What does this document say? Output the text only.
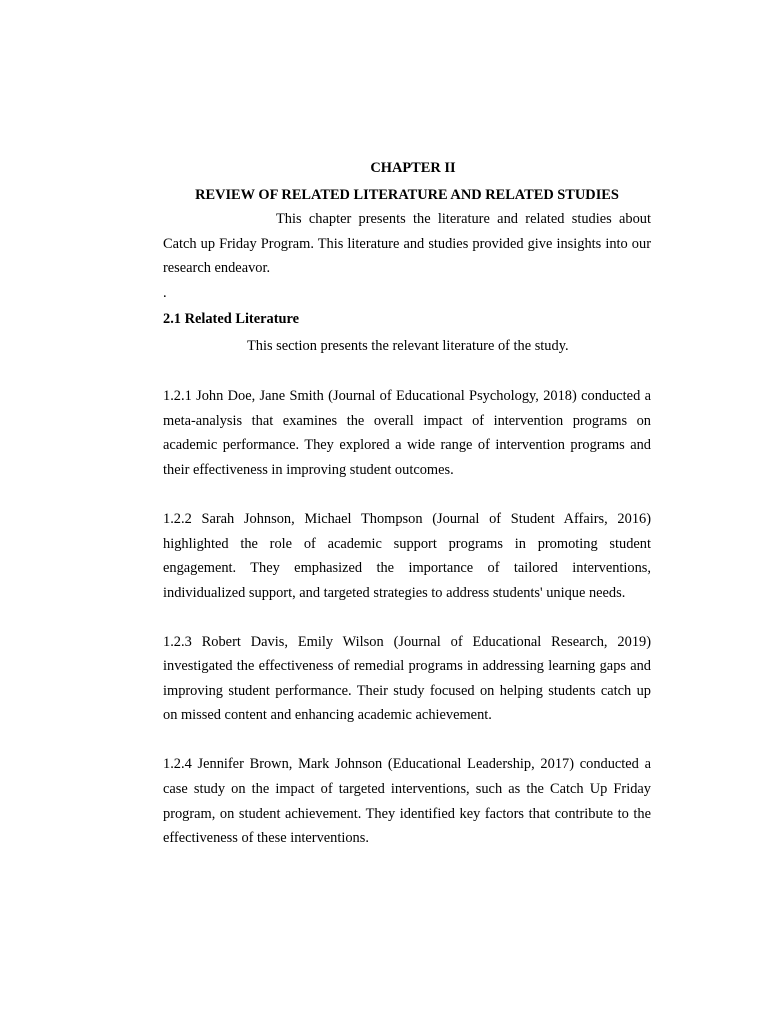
CHAPTER II

REVIEW OF RELATED LITERATURE AND RELATED STUDIES

This chapter presents the literature and related studies about Catch up Friday Program. This literature and studies provided give insights into our research endeavor.

.

2.1 Related Literature

This section presents the relevant literature of the study.

1.2.1 John Doe, Jane Smith (Journal of Educational Psychology, 2018) conducted a meta-analysis that examines the overall impact of intervention programs on academic performance. They explored a wide range of intervention programs and their effectiveness in improving student outcomes.

1.2.2 Sarah Johnson, Michael Thompson (Journal of Student Affairs, 2016) highlighted the role of academic support programs in promoting student engagement. They emphasized the importance of tailored interventions, individualized support, and targeted strategies to address students' unique needs.

1.2.3 Robert Davis, Emily Wilson (Journal of Educational Research, 2019) investigated the effectiveness of remedial programs in addressing learning gaps and improving student performance. Their study focused on helping students catch up on missed content and enhancing academic achievement.

1.2.4 Jennifer Brown, Mark Johnson (Educational Leadership, 2017) conducted a case study on the impact of targeted interventions, such as the Catch Up Friday program, on student achievement. They identified key factors that contribute to the effectiveness of these interventions.
